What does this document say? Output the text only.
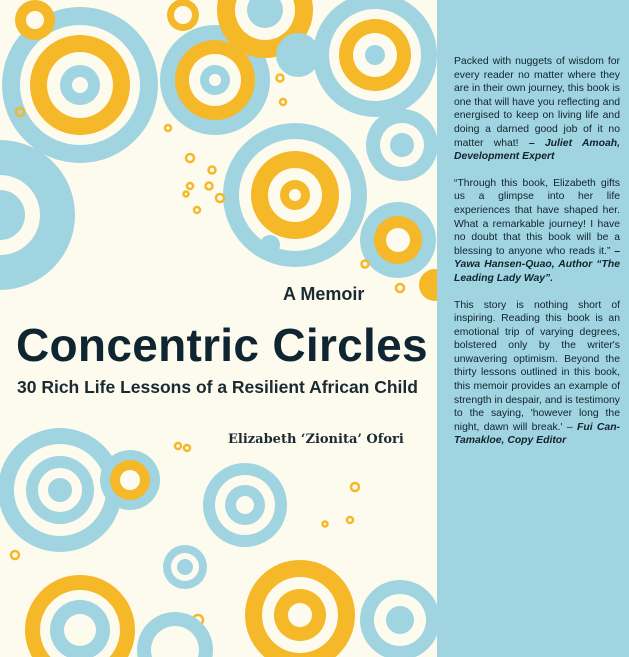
A Memoir
Concentric Circles
30 Rich Life Lessons of a Resilient African Child
Elizabeth ‘Zionita’ Ofori

Packed with nuggets of wisdom for every reader no matter where they are in their own journey, this book is one that will have you reflecting and energised to keep on living life and doing a darned good job of it no matter what! – Juliet Amoah, Development Expert

“Through this book, Elizabeth gifts us a glimpse into her life experiences that have shaped her. What a remarkable journey! I have no doubt that this book will be a blessing to anyone who reads it.” – Yawa Hansen-Quao, Author “The Leading Lady Way”.

This story is nothing short of inspiring. Reading this book is an emotional trip of varying degrees, bolstered only by the writer's unwavering optimism. Beyond the thirty lessons outlined in this book, this memoir provides an example of strength in despair, and is testimony to the saying, 'however long the night, dawn will break.' – Fui Can-Tamakloe, Copy Editor
